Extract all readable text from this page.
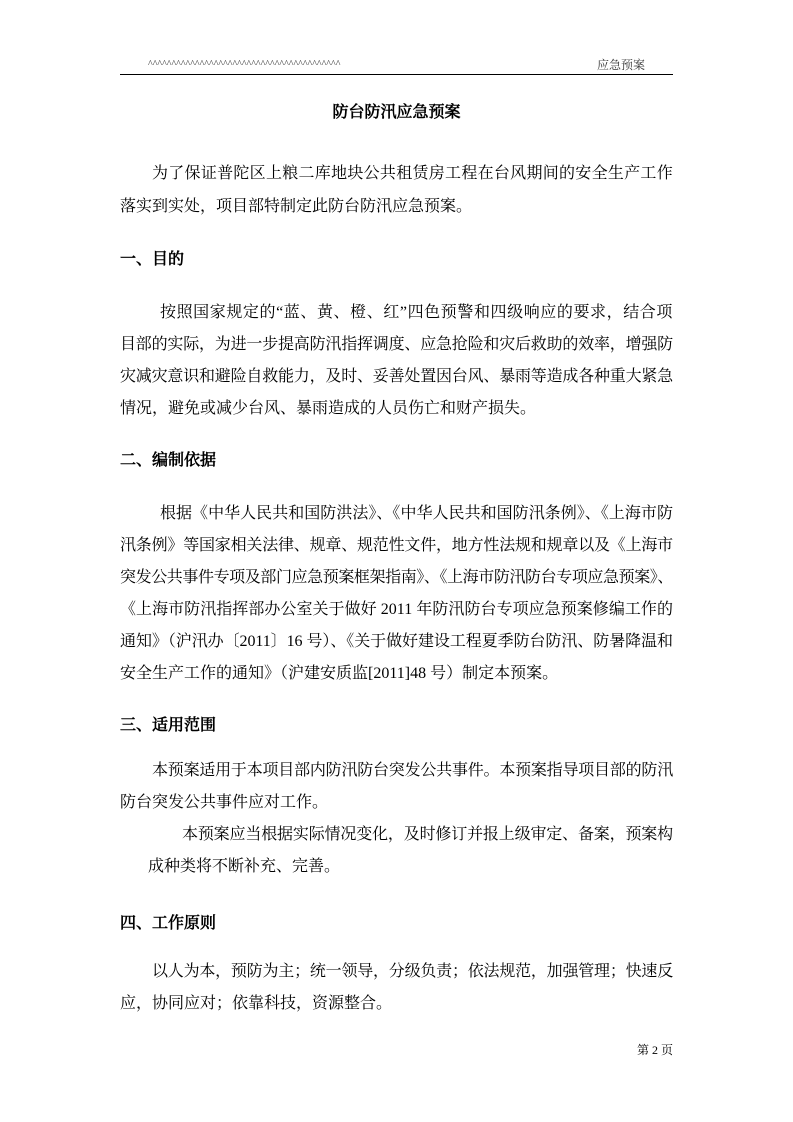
^^^^^^^^^^^^^^^^^^^^^^^^^^^^^^^^^^^^^^^^^	应急预案
防台防汛应急预案
为了保证普陀区上粮二库地块公共租赁房工程在台风期间的安全生产工作
落实到实处，项目部特制定此防台防汛应急预案。
一、目的
按照国家规定的“蓝、黄、橙、红”四色预警和四级响应的要求，结合项
目部的实际，为进一步提高防汛指挥调度、应急抢险和灾后救助的效率，增强防
灾减灾意识和避险自救能力，及时、妥善处置因台风、暴雨等造成各种重大紧急
情况，避免或减少台风、暴雨造成的人员伤亡和财产损失。
二、编制依据
根据《中华人民共和国防洪法》、《中华人民共和国防汛条例》、《上海市防
汛条例》等国家相关法律、规章、规范性文件，地方性法规和规章以及《上海市
突发公共事件专项及部门应急预案框架指南》、《上海市防汛防台专项应急预案》、
《上海市防汛指挥部办公室关于做好 2011 年防汛防台专项应急预案修编工作的
通知》（沪汛办〔2011〕16 号）、《关于做好建设工程夏季防台防汛、防暑降温和
安全生产工作的通知》（沪建安质监[2011]48 号）制定本预案。
三、适用范围
本预案适用于本项目部内防汛防台突发公共事件。本预案指导项目部的防汛
防台突发公共事件应对工作。
本预案应当根据实际情况变化，及时修订并报上级审定、备案，预案构
成种类将不断补充、完善。
四、工作原则
以人为本，预防为主；统一领导，分级负责；依法规范，加强管理；快速反
应，协同应对；依靠科技，资源整合。
第 2 页
